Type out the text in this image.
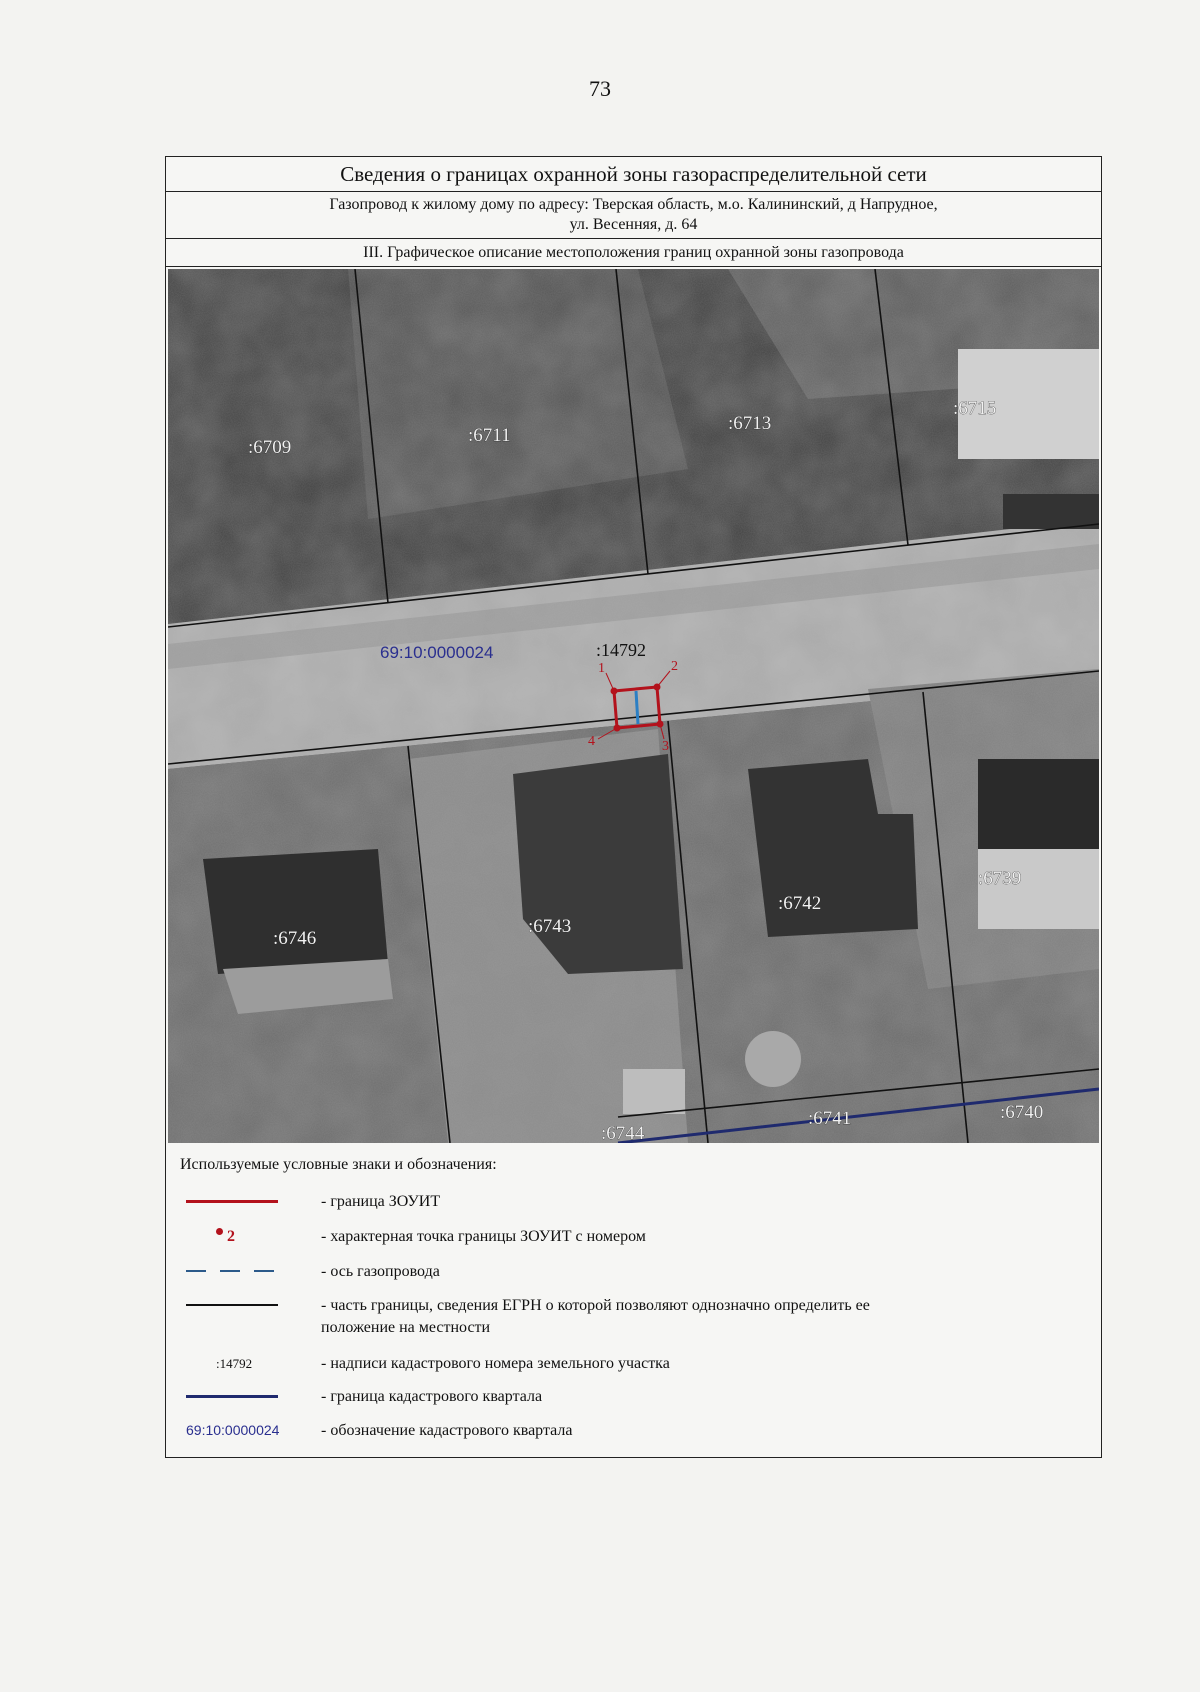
73
Сведения о границах охранной зоны газораспределительной сети
Газопровод к жилому дому по адресу: Тверская область, м.о. Калининский, д Напрудное,
ул. Весенняя, д. 64
III. Графическое описание местоположения границ охранной зоны газопровода
:6709
:6711
:6713
:6715
:6746
:6743
:6742
:6739
:6744
:6741	:6740
69:10:0000024	:14792
1	2
3
4
Используемые условные знаки и обозначения:
- граница ЗОУИТ
2	- характерная точка границы ЗОУИТ с номером
- ось газопровода
- часть границы, сведения ЕГРН о которой позволяют однозначно определить ее
положение на местности
:14792	- надписи кадастрового номера земельного участка
- граница кадастрового квартала
69:10:0000024	- обозначение кадастрового квартала
